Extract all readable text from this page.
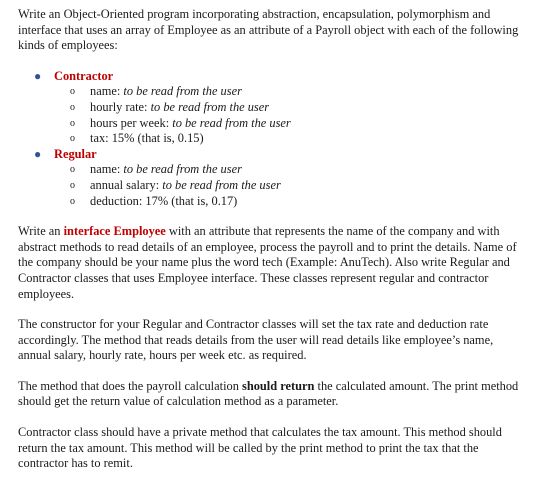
Write an Object-Oriented program incorporating abstraction, encapsulation, polymorphism and interface that uses an array of Employee as an attribute of a Payroll object with each of the following kinds of employees:

● Contractor
o name: to be read from the user
o hourly rate: to be read from the user
o hours per week: to be read from the user
o tax: 15% (that is, 0.15)
● Regular
o name: to be read from the user
o annual salary: to be read from the user
o deduction: 17% (that is, 0.17)

Write an interface Employee with an attribute that represents the name of the company and with abstract methods to read details of an employee, process the payroll and to print the details. Name of the company should be your name plus the word tech (Example: AnuTech). Also write Regular and Contractor classes that uses Employee interface. These classes represent regular and contractor employees.

The constructor for your Regular and Contractor classes will set the tax rate and deduction rate accordingly. The method that reads details from the user will read details like employee’s name, annual salary, hourly rate, hours per week etc. as required.

The method that does the payroll calculation should return the calculated amount. The print method should get the return value of calculation method as a parameter.

Contractor class should have a private method that calculates the tax amount. This method should return the tax amount. This method will be called by the print method to print the tax that the contractor has to remit.
